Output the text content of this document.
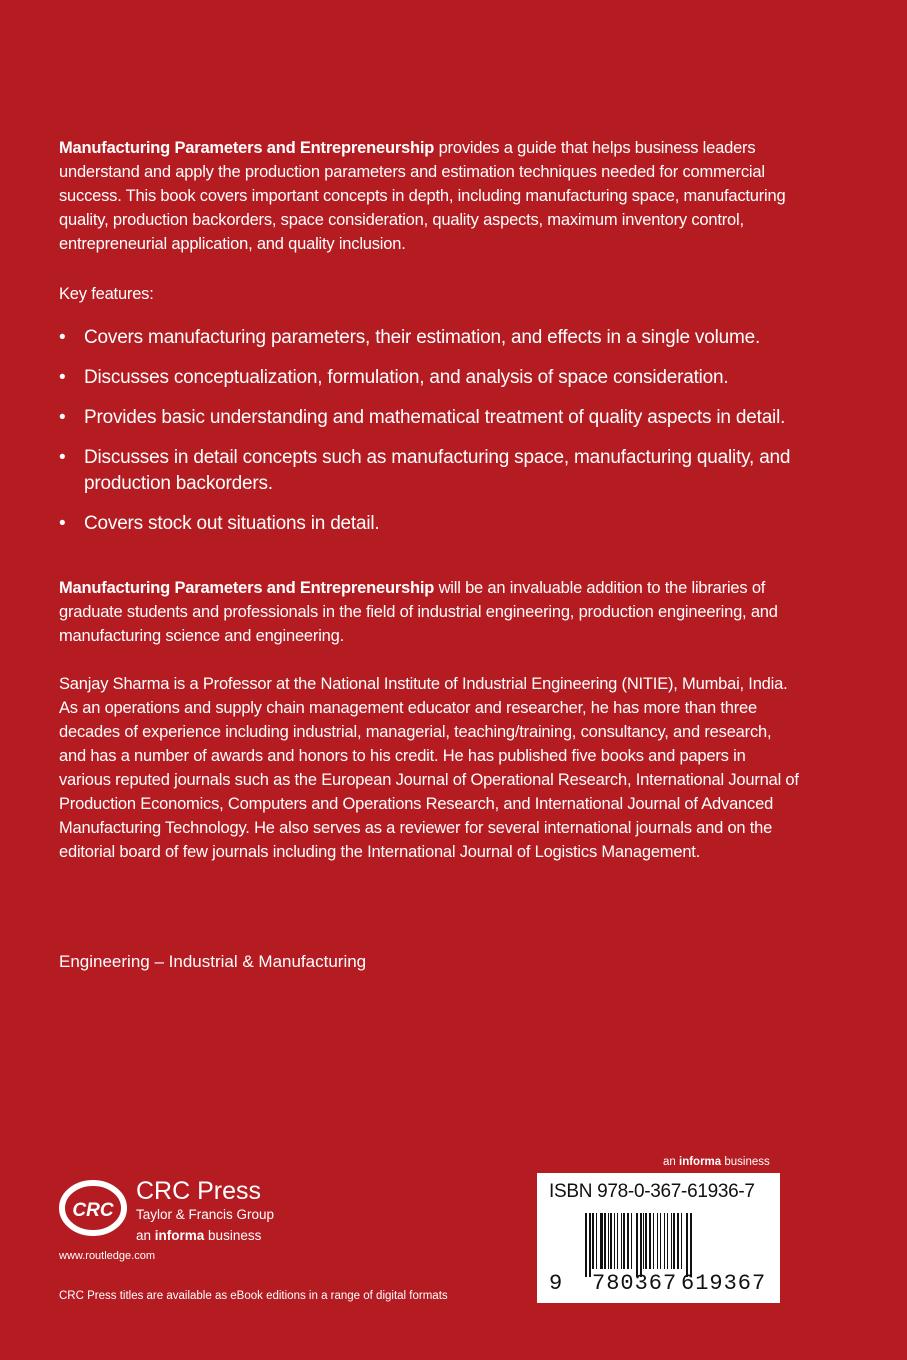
Manufacturing Parameters and Entrepreneurship provides a guide that helps business leaders
understand and apply the production parameters and estimation techniques needed for commercial
success. This book covers important concepts in depth, including manufacturing space, manufacturing
quality, production backorders, space consideration, quality aspects, maximum inventory control,
entrepreneurial application, and quality inclusion.
Key features:
• Covers manufacturing parameters, their estimation, and effects in a single volume.
• Discusses conceptualization, formulation, and analysis of space consideration.
• Provides basic understanding and mathematical treatment of quality aspects in detail.
• Discusses in detail concepts such as manufacturing space, manufacturing quality, and
production backorders.
• Covers stock out situations in detail.
Manufacturing Parameters and Entrepreneurship will be an invaluable addition to the libraries of
graduate students and professionals in the field of industrial engineering, production engineering, and
manufacturing science and engineering.
Sanjay Sharma is a Professor at the National Institute of Industrial Engineering (NITIE), Mumbai, India.
As an operations and supply chain management educator and researcher, he has more than three
decades of experience including industrial, managerial, teaching/training, consultancy, and research,
and has a number of awards and honors to his credit. He has published five books and papers in
various reputed journals such as the European Journal of Operational Research, International Journal of
Production Economics, Computers and Operations Research, and International Journal of Advanced
Manufacturing Technology. He also serves as a reviewer for several international journals and on the
editorial board of few journals including the International Journal of Logistics Management.
Engineering – Industrial & Manufacturing
CRC
CRC Press
Taylor & Francis Group
an informa business
www.routledge.com
CRC Press titles are available as eBook editions in a range of digital formats
an informa business
ISBN 978-0-367-61936-7
9 780367 619367
